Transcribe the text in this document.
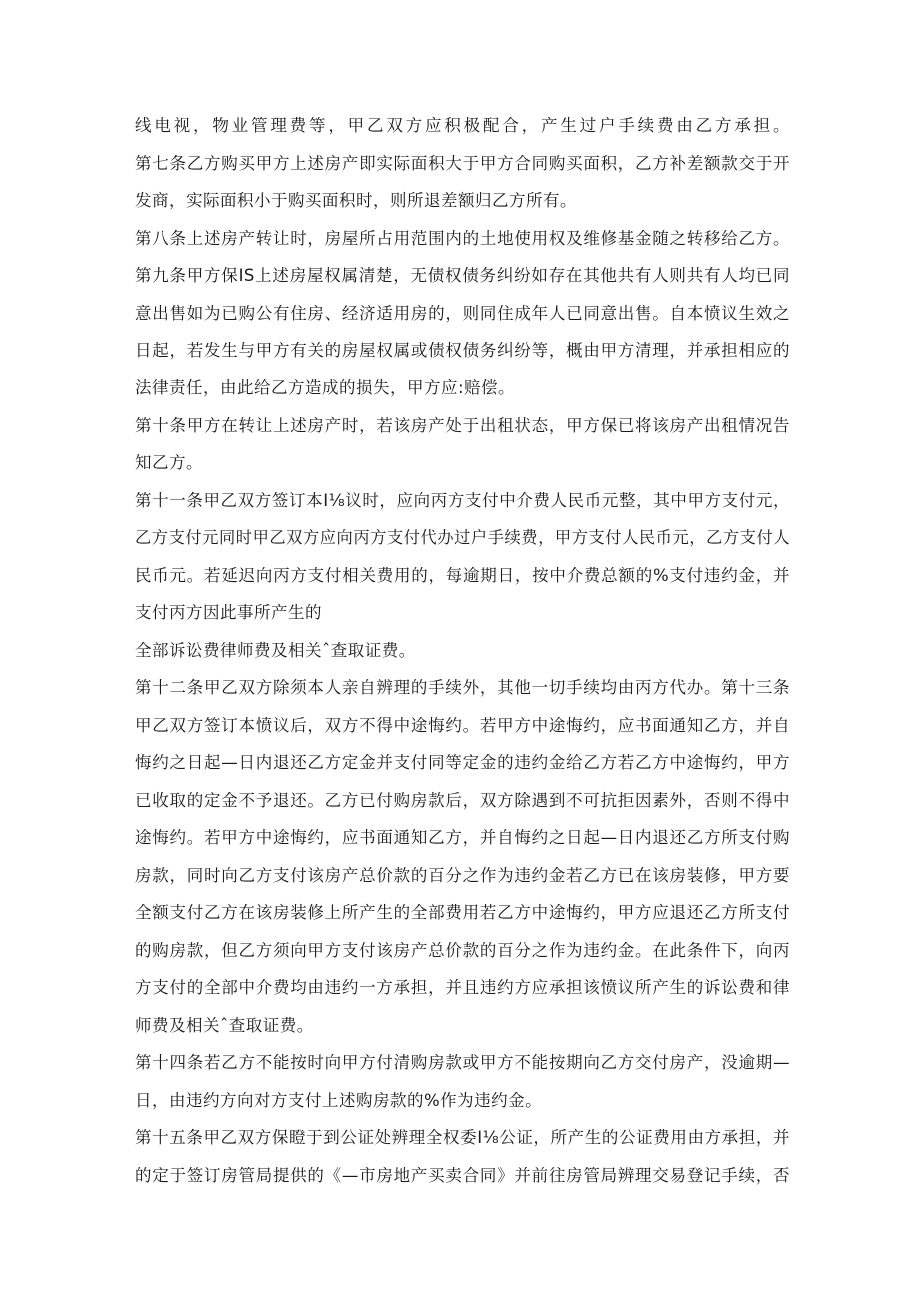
线电视，物业管理费等，甲乙双方应积极配合，产生过户手续费由乙方承担。
第七条乙方购买甲方上述房产即实际面积大于甲方合同购买面积，乙方补差额款交于开
发商，实际面积小于购买面积时，则所退差额归乙方所有。
第八条上述房产转让时，房屋所占用范围内的土地使用权及维修基金随之转移给乙方。
第九条甲方保IS上述房屋权属清楚，无债权债务纠纷如存在其他共有人则共有人均已同
意出售如为已购公有住房、经济适用房的，则同住成年人已同意出售。自本愤议生效之
日起，若发生与甲方有关的房屋权属或债权债务纠纷等，概由甲方清理，并承担相应的
法律责任，由此给乙方造成的损失，甲方应:赔偿。
第十条甲方在转让上述房产时，若该房产处于出租状态，甲方保已将该房产出租情况告
知乙方。
第十一条甲乙双方签订本I⅛议时，应向丙方支付中介费人民币元整，其中甲方支付元，
乙方支付元同时甲乙双方应向丙方支付代办过户手续费，甲方支付人民币元，乙方支付人
民币元。若延迟向丙方支付相关费用的，每逾期日，按中介费总额的%支付违约金，并
支付丙方因此事所产生的
全部诉讼费律师费及相关ˆ查取证费。
第十二条甲乙双方除须本人亲自辨理的手续外，其他一切手续均由丙方代办。第十三条
甲乙双方签订本愤议后，双方不得中途悔约。若甲方中途悔约，应书面通知乙方，并自
悔约之日起—日内退还乙方定金并支付同等定金的违约金给乙方若乙方中途悔约，甲方
已收取的定金不予退还。乙方已付购房款后，双方除遇到不可抗拒因素外，否则不得中
途悔约。若甲方中途悔约，应书面通知乙方，并自悔约之日起—日内退还乙方所支付购
房款，同时向乙方支付该房产总价款的百分之作为违约金若乙方已在该房装修，甲方要
全额支付乙方在该房装修上所产生的全部费用若乙方中途悔约，甲方应退还乙方所支付
的购房款，但乙方须向甲方支付该房产总价款的百分之作为违约金。在此条件下，向丙
方支付的全部中介费均由违约一方承担，并且违约方应承担该愤议所产生的诉讼费和律
师费及相关ˆ查取证费。
第十四条若乙方不能按时向甲方付清购房款或甲方不能按期向乙方交付房产，没逾期—
日，由违约方向对方支付上述购房款的%作为违约金。
第十五条甲乙双方保瞪于到公证处辨理全权委I⅛公证，所产生的公证费用由方承担，并
的定于签订房管局提供的《—市房地产买卖合同》并前往房管局辨理交易登记手续，否
